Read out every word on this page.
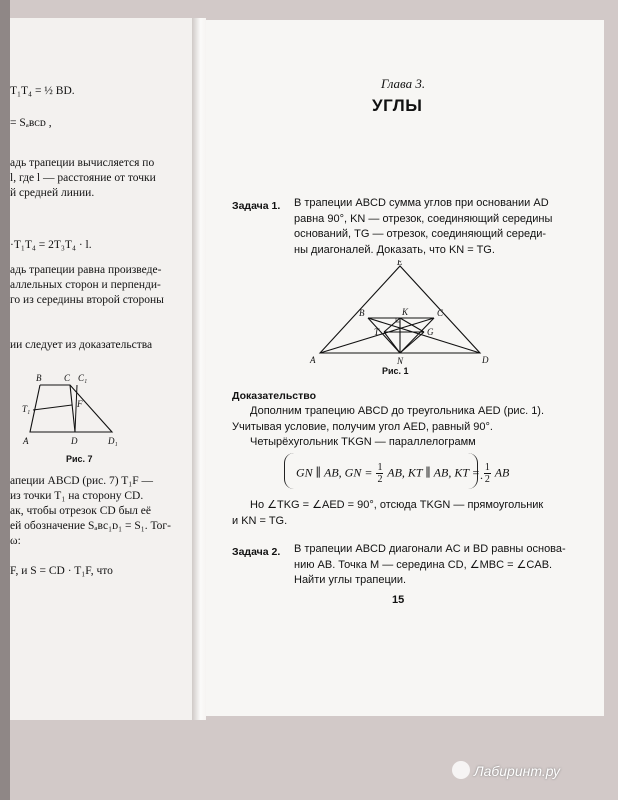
T₁T₄ = ½ BD.
= Sₐʙᴄᴅ ,
адь трапеции вычисляется по
l, где l — расстояние от точки
й средней линии.
·T₁T₄ = 2T₃T₄ · l.
адь трапеции равна произведе-
аллельных сторон и перпенди-
го из середины второй стороны
ии следует из доказательства
B	C C₁
F
T₁
A	D	D₁
Рис. 7
апеции ABCD (рис. 7) T₁F —
из точки T₁ на сторону CD.
ак, чтобы отрезок CD был её
ей обозначение Sₐʙc₁ᴅ₁ = S₁. Тог-
ω:
F, и S = CD · T₁F, что
Глава 3.
УГЛЫ
Задача 1. В трапеции ABCD сумма углов при основании AD
равна 90°, KN — отрезок, соединяющий середины
оснований, TG — отрезок, соединяющий середи-
ны диагоналей. Доказать, что KN = TG.
E
B	K	C
T	G
A	N	D
Рис. 1
Доказательство
Дополним трапецию ABCD до треугольника AED (рис. 1).
Учитывая условие, получим угол AED, равный 90°.
Четырёхугольник TKGN — параллелограмм
GN ∥ AB, GN = $\frac{1}{2}$ AB, KT ∥ AB, KT = $\frac{1}{2}$ AB
.
Но ∠TKG = ∠AED = 90°, отсюда TKGN — прямоугольник
и KN = TG.
Задача 2. В трапеции ABCD диагонали AC и BD равны основа-
нию AB. Точка M — середина CD, ∠MBC = ∠CAB.
Найти углы трапеции.
15
Лабиринт.ру
